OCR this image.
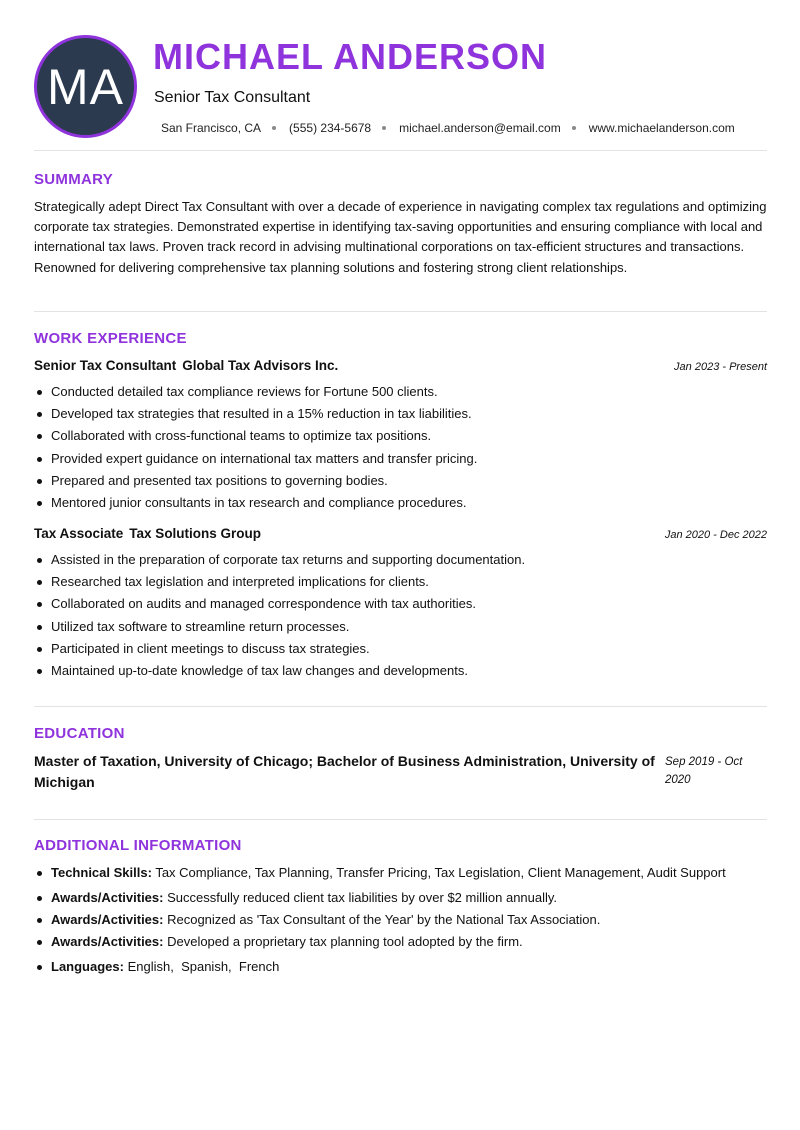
MA
MICHAEL ANDERSON
Senior Tax Consultant
San Francisco, CA (555) 234-5678 michael.anderson@email.com www.michaelanderson.com
SUMMARY
Strategically adept Direct Tax Consultant with over a decade of experience in navigating complex tax regulations and optimizing corporate tax strategies. Demonstrated expertise in identifying tax-saving opportunities and ensuring compliance with local and international tax laws. Proven track record in advising multinational corporations on tax-efficient structures and transactions. Renowned for delivering comprehensive tax planning solutions and fostering strong client relationships.
WORK EXPERIENCE
Senior Tax Consultant Global Tax Advisors Inc.	Jan 2023 - Present
Conducted detailed tax compliance reviews for Fortune 500 clients.
Developed tax strategies that resulted in a 15% reduction in tax liabilities.
Collaborated with cross-functional teams to optimize tax positions.
Provided expert guidance on international tax matters and transfer pricing.
Prepared and presented tax positions to governing bodies.
Mentored junior consultants in tax research and compliance procedures.
Tax Associate Tax Solutions Group	Jan 2020 - Dec 2022
Assisted in the preparation of corporate tax returns and supporting documentation.
Researched tax legislation and interpreted implications for clients.
Collaborated on audits and managed correspondence with tax authorities.
Utilized tax software to streamline return processes.
Participated in client meetings to discuss tax strategies.
Maintained up-to-date knowledge of tax law changes and developments.
EDUCATION
Master of Taxation, University of Chicago; Bachelor of Business Administration, University of Michigan
Sep 2019 - Oct 2020
ADDITIONAL INFORMATION
Technical Skills: Tax Compliance, Tax Planning, Transfer Pricing, Tax Legislation, Client Management, Audit Support
Awards/Activities: Successfully reduced client tax liabilities by over $2 million annually.
Awards/Activities: Recognized as 'Tax Consultant of the Year' by the National Tax Association.
Awards/Activities: Developed a proprietary tax planning tool adopted by the firm.
Languages: English,  Spanish,  French
